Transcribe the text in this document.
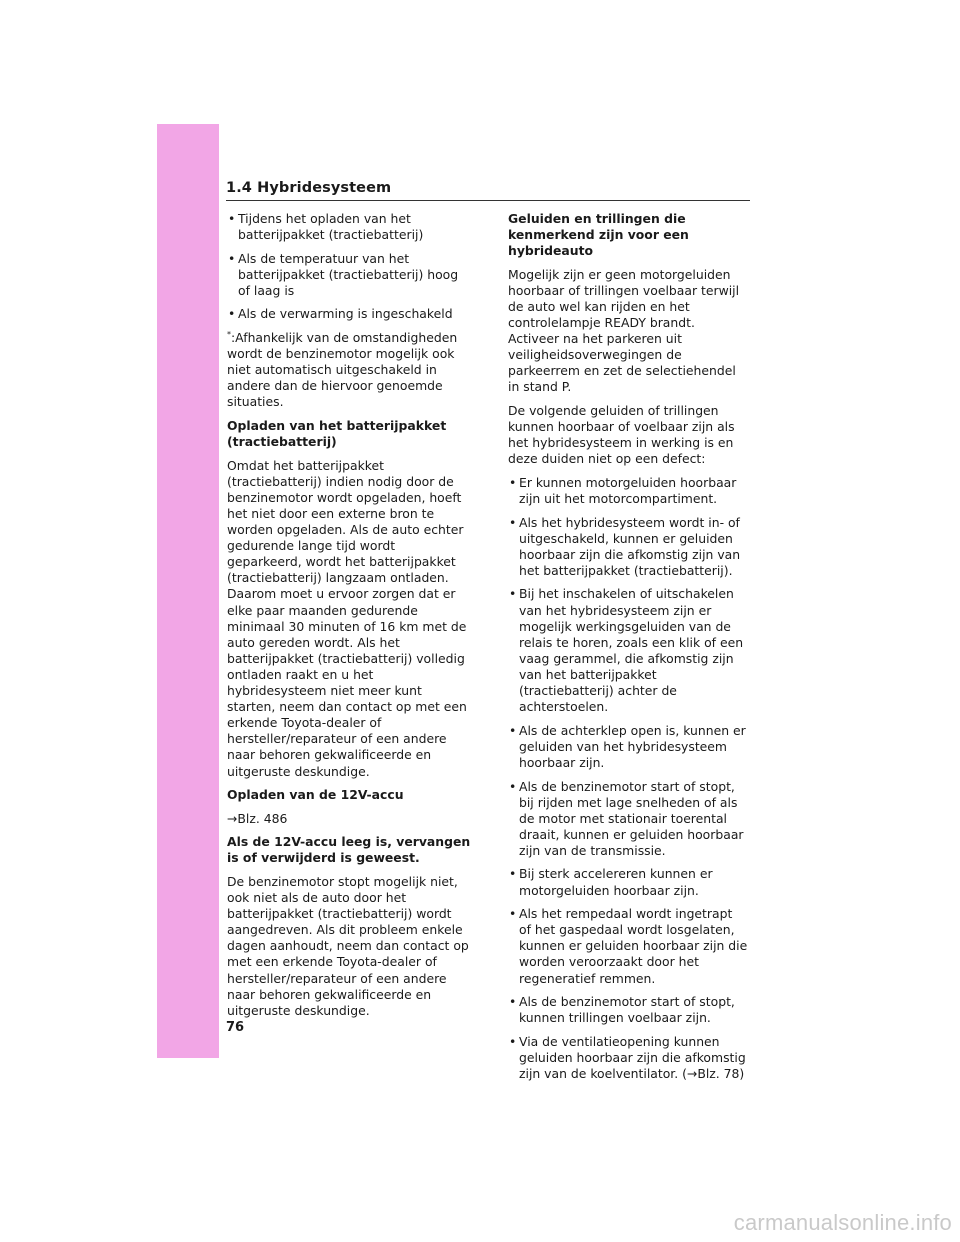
1.4 Hybridesysteem
• Tijdens het opladen van het batterijpakket (tractiebatterij)
• Als de temperatuur van het batterijpakket (tractiebatterij) hoog of laag is
• Als de verwarming is ingeschakeld

*:Afhankelijk van de omstandigheden wordt de benzinemotor mogelijk ook niet automatisch uitgeschakeld in andere dan de hiervoor genoemde situaties.

Opladen van het batterijpakket (tractiebatterij)

Omdat het batterijpakket (tractiebatterij) indien nodig door de benzinemotor wordt opgeladen, hoeft het niet door een externe bron te worden opgeladen. Als de auto echter gedurende lange tijd wordt geparkeerd, wordt het batterijpakket (tractiebatterij) langzaam ontladen. Daarom moet u ervoor zorgen dat er elke paar maanden gedurende minimaal 30 minuten of 16 km met de auto gereden wordt. Als het batterijpakket (tractiebatterij) volledig ontladen raakt en u het hybridesysteem niet meer kunt starten, neem dan contact op met een erkende Toyota-dealer of hersteller/reparateur of een andere naar behoren gekwalificeerde en uitgeruste deskundige.

Opladen van de 12V-accu

→Blz. 486

Als de 12V-accu leeg is, vervangen is of verwijderd is geweest.

De benzinemotor stopt mogelijk niet, ook niet als de auto door het batterijpakket (tractiebatterij) wordt aangedreven. Als dit probleem enkele dagen aanhoudt, neem dan contact op met een erkende Toyota-dealer of hersteller/reparateur of een andere naar behoren gekwalificeerde en uitgeruste deskundige.

Geluiden en trillingen die kenmerkend zijn voor een hybrideauto

Mogelijk zijn er geen motorgeluiden hoorbaar of trillingen voelbaar terwijl de auto wel kan rijden en het controlelampje READY brandt. Activeer na het parkeren uit veiligheidsoverwegingen de parkeerrem en zet de selectiehendel in stand P.

De volgende geluiden of trillingen kunnen hoorbaar of voelbaar zijn als het hybridesysteem in werking is en deze duiden niet op een defect:

• Er kunnen motorgeluiden hoorbaar zijn uit het motorcompartiment.
• Als het hybridesysteem wordt in- of uitgeschakeld, kunnen er geluiden hoorbaar zijn die afkomstig zijn van het batterijpakket (tractiebatterij).
• Bij het inschakelen of uitschakelen van het hybridesysteem zijn er mogelijk werkingsgeluiden van de relais te horen, zoals een klik of een vaag gerammel, die afkomstig zijn van het batterijpakket (tractiebatterij) achter de achterstoelen.
• Als de achterklep open is, kunnen er geluiden van het hybridesysteem hoorbaar zijn.
• Als de benzinemotor start of stopt, bij rijden met lage snelheden of als de motor met stationair toerental draait, kunnen er geluiden hoorbaar zijn van de transmissie.
• Bij sterk accelereren kunnen er motorgeluiden hoorbaar zijn.
• Als het rempedaal wordt ingetrapt of het gaspedaal wordt losgelaten, kunnen er geluiden hoorbaar zijn die worden veroorzaakt door het regeneratief remmen.
• Als de benzinemotor start of stopt, kunnen trillingen voelbaar zijn.
• Via de ventilatieopening kunnen geluiden hoorbaar zijn die afkomstig zijn van de koelventilator. (→Blz. 78)
76
carmanualsonline.info
